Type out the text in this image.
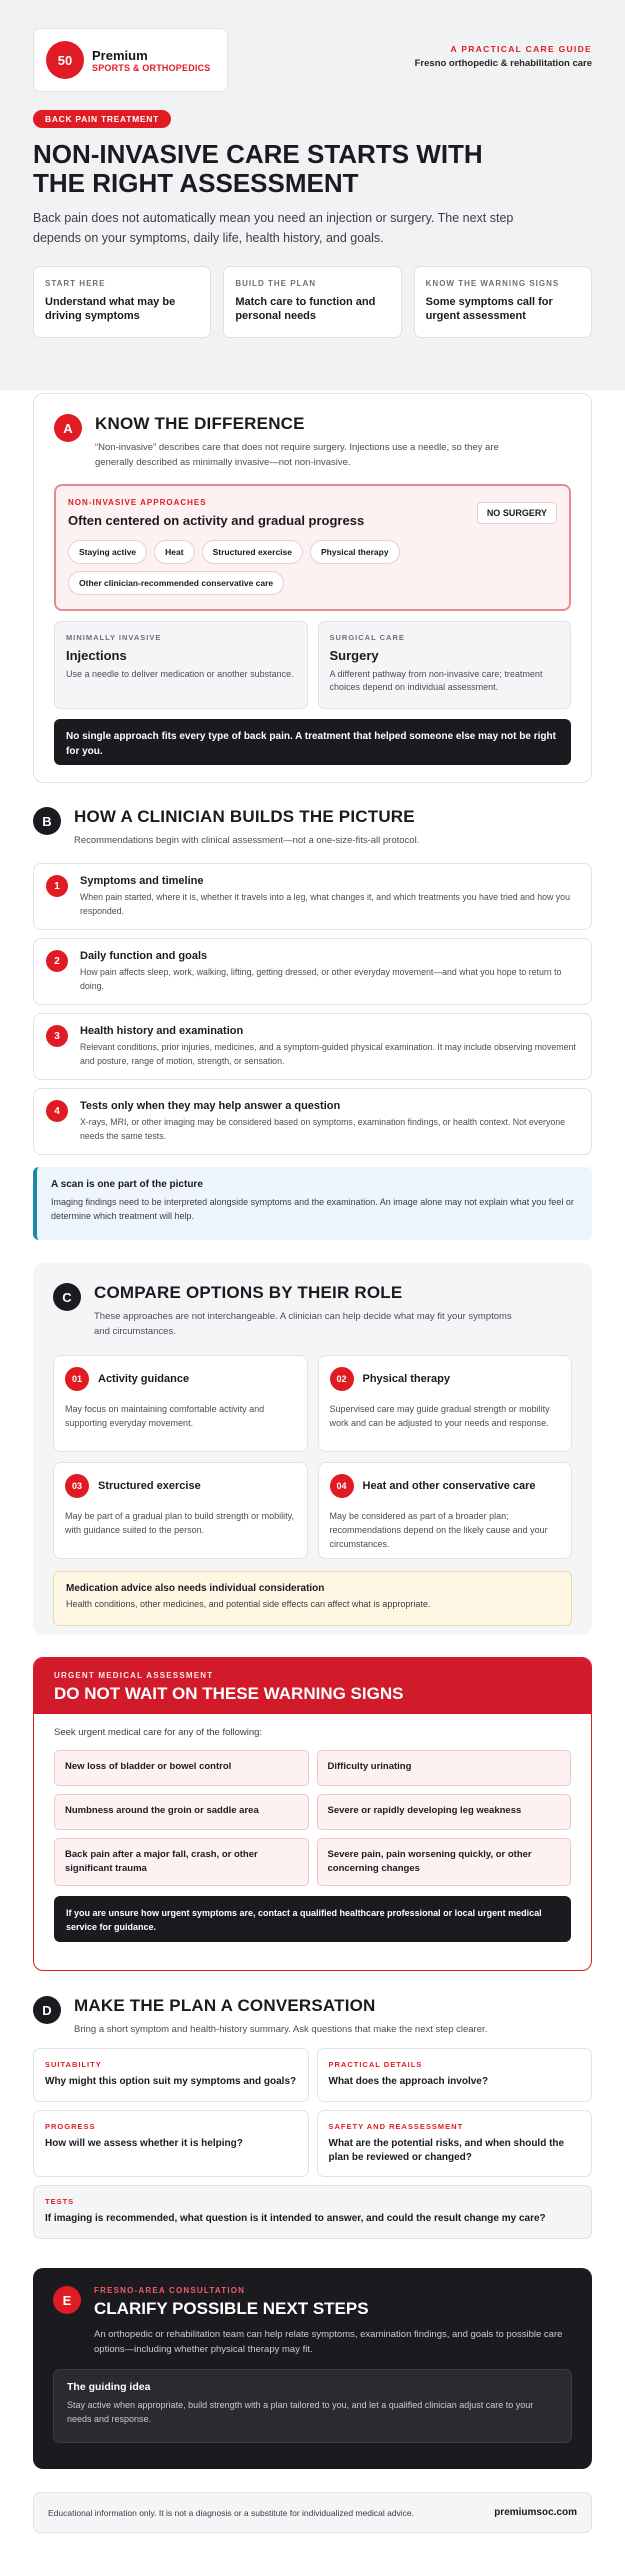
50	Premium
SPORTS & ORTHOPEDICS
A PRACTICAL CARE GUIDE
Fresno orthopedic & rehabilitation care
BACK PAIN TREATMENT
NON-INVASIVE CARE STARTS WITH THE RIGHT ASSESSMENT

Back pain does not automatically mean you need an injection or surgery. The next step depends on your symptoms, daily life, health history, and goals.

START HERE
Understand what may be driving symptoms
BUILD THE PLAN
Match care to function and personal needs
KNOW THE WARNING SIGNS
Some symptoms call for urgent assessment
A	KNOW THE DIFFERENCE

“Non-invasive” describes care that does not require surgery. Injections use a needle, so they are generally described as minimally invasive—not non-invasive.

NON-INVASIVE APPROACHES
Often centered on activity and gradual progress	NO SURGERY
Staying active	Heat	Structured exercise	Physical therapy
Other clinician-recommended conservative care
MINIMALLY INVASIVE
Injections
Use a needle to deliver medication or another substance.
SURGICAL CARE
Surgery
A different pathway from non-invasive care; treatment choices depend on individual assessment.
No single approach fits every type of back pain. A treatment that helped someone else may not be right for you.
B	HOW A CLINICIAN BUILDS THE PICTURE

Recommendations begin with clinical assessment—not a one-size-fits-all protocol.

1	Symptoms and timeline
When pain started, where it is, whether it travels into a leg, what changes it, and which treatments you have tried and how you responded.
2	Daily function and goals
How pain affects sleep, work, walking, lifting, getting dressed, or other everyday movement—and what you hope to return to doing.
3	Health history and examination
Relevant conditions, prior injuries, medicines, and a symptom-guided physical examination. It may include observing movement and posture, range of motion, strength, or sensation.
4	Tests only when they may help answer a question
X-rays, MRI, or other imaging may be considered based on symptoms, examination findings, or health context. Not everyone needs the same tests.
A scan is one part of the picture
Imaging findings need to be interpreted alongside symptoms and the examination. An image alone may not explain what you feel or determine which treatment will help.
C	COMPARE OPTIONS BY THEIR ROLE

These approaches are not interchangeable. A clinician can help decide what may fit your symptoms and circumstances.

01	Activity guidance
May focus on maintaining comfortable activity and supporting everyday movement.
02	Physical therapy
Supervised care may guide gradual strength or mobility work and can be adjusted to your needs and response.
03	Structured exercise
May be part of a gradual plan to build strength or mobility, with guidance suited to the person.
04	Heat and other conservative care
May be considered as part of a broader plan; recommendations depend on the likely cause and your circumstances.
Medication advice also needs individual consideration
Health conditions, other medicines, and potential side effects can affect what is appropriate.
URGENT MEDICAL ASSESSMENT
DO NOT WAIT ON THESE WARNING SIGNS
Seek urgent medical care for any of the following:
New loss of bladder or bowel control	Difficulty urinating
Numbness around the groin or saddle area	Severe or rapidly developing leg weakness
Back pain after a major fall, crash, or other significant trauma
Severe pain, pain worsening quickly, or other concerning changes
If you are unsure how urgent symptoms are, contact a qualified healthcare professional or local urgent medical service for guidance.
D	MAKE THE PLAN A CONVERSATION

Bring a short symptom and health-history summary. Ask questions that make the next step clearer.

SUITABILITY
Why might this option suit my symptoms and goals?
PRACTICAL DETAILS
What does the approach involve?
PROGRESS
How will we assess whether it is helping?
SAFETY AND REASSESSMENT
What are the potential risks, and when should the plan be reviewed or changed?
TESTS
If imaging is recommended, what question is it intended to answer, and could the result change my care?
E
FRESNO-AREA CONSULTATION
CLARIFY POSSIBLE NEXT STEPS
An orthopedic or rehabilitation team can help relate symptoms, examination findings, and goals to possible care options—including whether physical therapy may fit.
The guiding idea
Stay active when appropriate, build strength with a plan tailored to you, and let a qualified clinician adjust care to your needs and response.
Educational information only. It is not a diagnosis or a substitute for individualized medical advice.	premiumsoc.com
